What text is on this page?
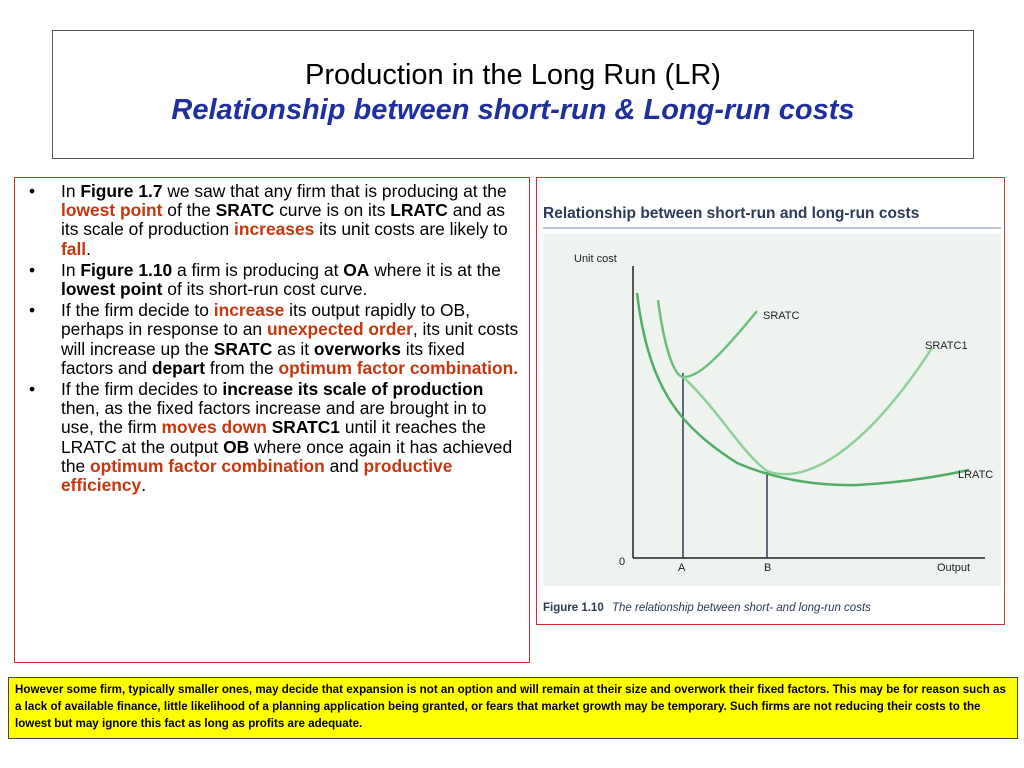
Production in the Long Run (LR)
Relationship between short-run & Long-run costs
•	In Figure 1.7 we saw that any firm that is producing at the lowest point of the SRATC curve is on its LRATC and as its scale of production increases its unit costs are likely to fall.
•	In Figure 1.10 a firm is producing at OA where it is at the lowest point of its short-run cost curve.
•	If the firm decide to increase its output rapidly to OB, perhaps in response to an unexpected order, its unit costs will increase up the SRATC as it overworks its fixed factors and depart from the optimum factor combination.
•	If the firm decides to increase its scale of production then, as the fixed factors increase and are brought in to use, the firm moves down SRATC1 until it reaches the LRATC at the output OB where once again it has achieved the optimum factor combination and productive efficiency.
Relationship between short-run and long-run costs
Unit cost
Output
0	A	B
SRATC
SRATC1
LRATC
Figure 1.10 The relationship between short- and long-run costs
However some firm, typically smaller ones, may decide that expansion is not an option and will remain at their size and overwork their fixed factors. This may be for reason such as a lack of available finance, little likelihood of a planning application being granted, or fears that market growth may be temporary. Such firms are not reducing their costs to the lowest but may ignore this fact as long as profits are adequate.
